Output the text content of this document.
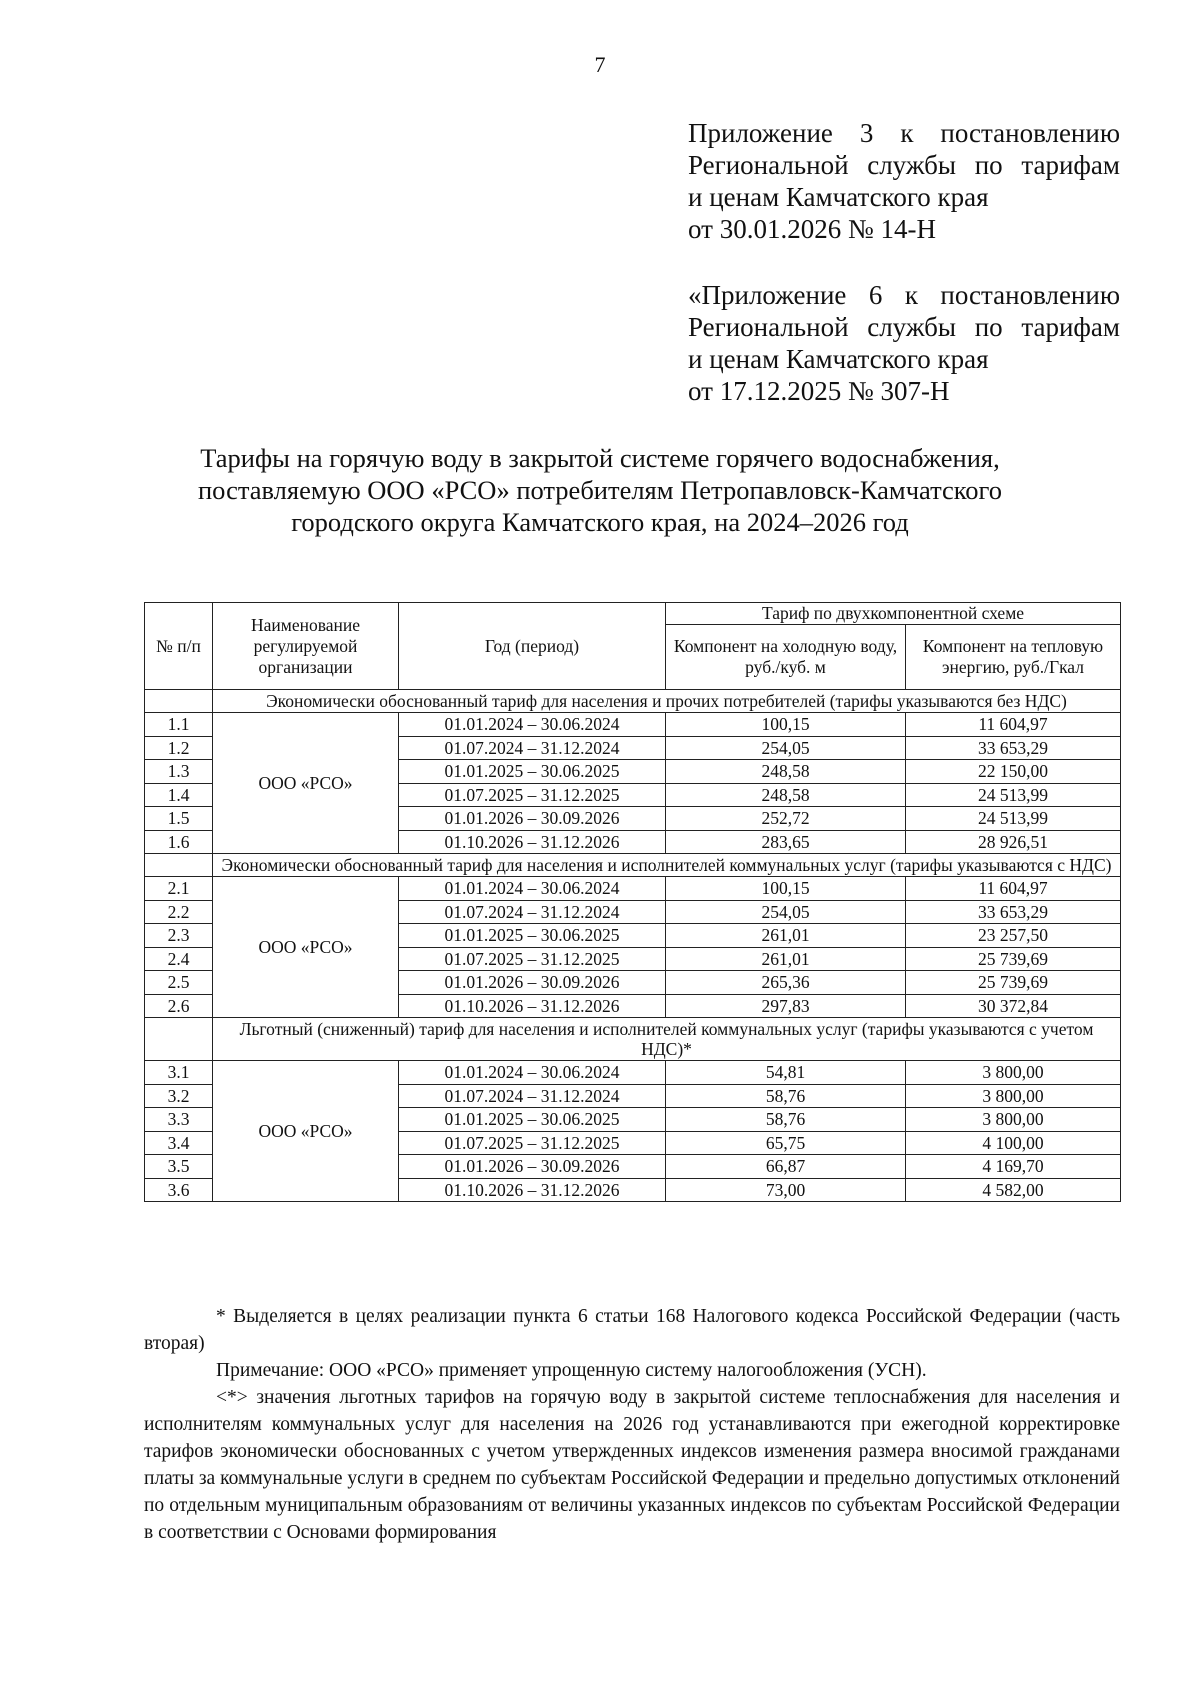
7
Приложение 3 к постановлению
Региональной службы по тарифам
и ценам Камчатского края
от 30.01.2026 № 14-Н
«Приложение 6 к постановлению
Региональной службы по тарифам
и ценам Камчатского края
от 17.12.2025 № 307-Н
Тарифы на горячую воду в закрытой системе горячего водоснабжения,
поставляемую ООО «РСО» потребителям Петропавловск-Камчатского
городского округа Камчатского края, на 2024–2026 год
№ п/п	Наименование регулируемой организации	Год (период)	Тариф по двухкомпонентной схеме	
			Компонент на холодную воду, руб./куб. м	Компонент на тепловую энергию, руб./Гкал
	Экономически обоснованный тариф для населения и прочих потребителей (тарифы указываются без НДС)			
1.1	ООО «РСО»	01.01.2024 – 30.06.2024	100,15	11 604,97
1.2		01.07.2024 – 31.12.2024	254,05	33 653,29
1.3		01.01.2025 – 30.06.2025	248,58	22 150,00
1.4		01.07.2025 – 31.12.2025	248,58	24 513,99
1.5		01.01.2026 – 30.09.2026	252,72	24 513,99
1.6		01.10.2026 – 31.12.2026	283,65	28 926,51
	Экономически обоснованный тариф для населения и исполнителей коммунальных услуг (тарифы указываются с НДС)			
2.1	ООО «РСО»	01.01.2024 – 30.06.2024	100,15	11 604,97
2.2		01.07.2024 – 31.12.2024	254,05	33 653,29
2.3		01.01.2025 – 30.06.2025	261,01	23 257,50
2.4		01.07.2025 – 31.12.2025	261,01	25 739,69
2.5		01.01.2026 – 30.09.2026	265,36	25 739,69
2.6		01.10.2026 – 31.12.2026	297,83	30 372,84
	Льготный (сниженный) тариф для населения и исполнителей коммунальных услуг (тарифы указываются с учетом НДС)*			
3.1	ООО «РСО»	01.01.2024 – 30.06.2024	54,81	3 800,00
3.2		01.07.2024 – 31.12.2024	58,76	3 800,00
3.3		01.01.2025 – 30.06.2025	58,76	3 800,00
3.4		01.07.2025 – 31.12.2025	65,75	4 100,00
3.5		01.01.2026 – 30.09.2026	66,87	4 169,70
3.6		01.10.2026 – 31.12.2026	73,00	4 582,00

* Выделяется в целях реализации пункта 6 статьи 168 Налогового кодекса Российской Федерации (часть вторая)

Примечание: ООО «РСО» применяет упрощенную систему налогообложения (УСН).

<*> значения льготных тарифов на горячую воду в закрытой системе теплоснабжения для населения и исполнителям коммунальных услуг для населения на 2026 год устанавливаются при ежегодной корректировке тарифов экономически обоснованных с учетом утвержденных индексов изменения размера вносимой гражданами платы за коммунальные услуги в среднем по субъектам Российской Федерации и предельно допустимых отклонений по отдельным муниципальным образованиям от величины указанных индексов по субъектам Российской Федерации в соответствии с Основами формирования
